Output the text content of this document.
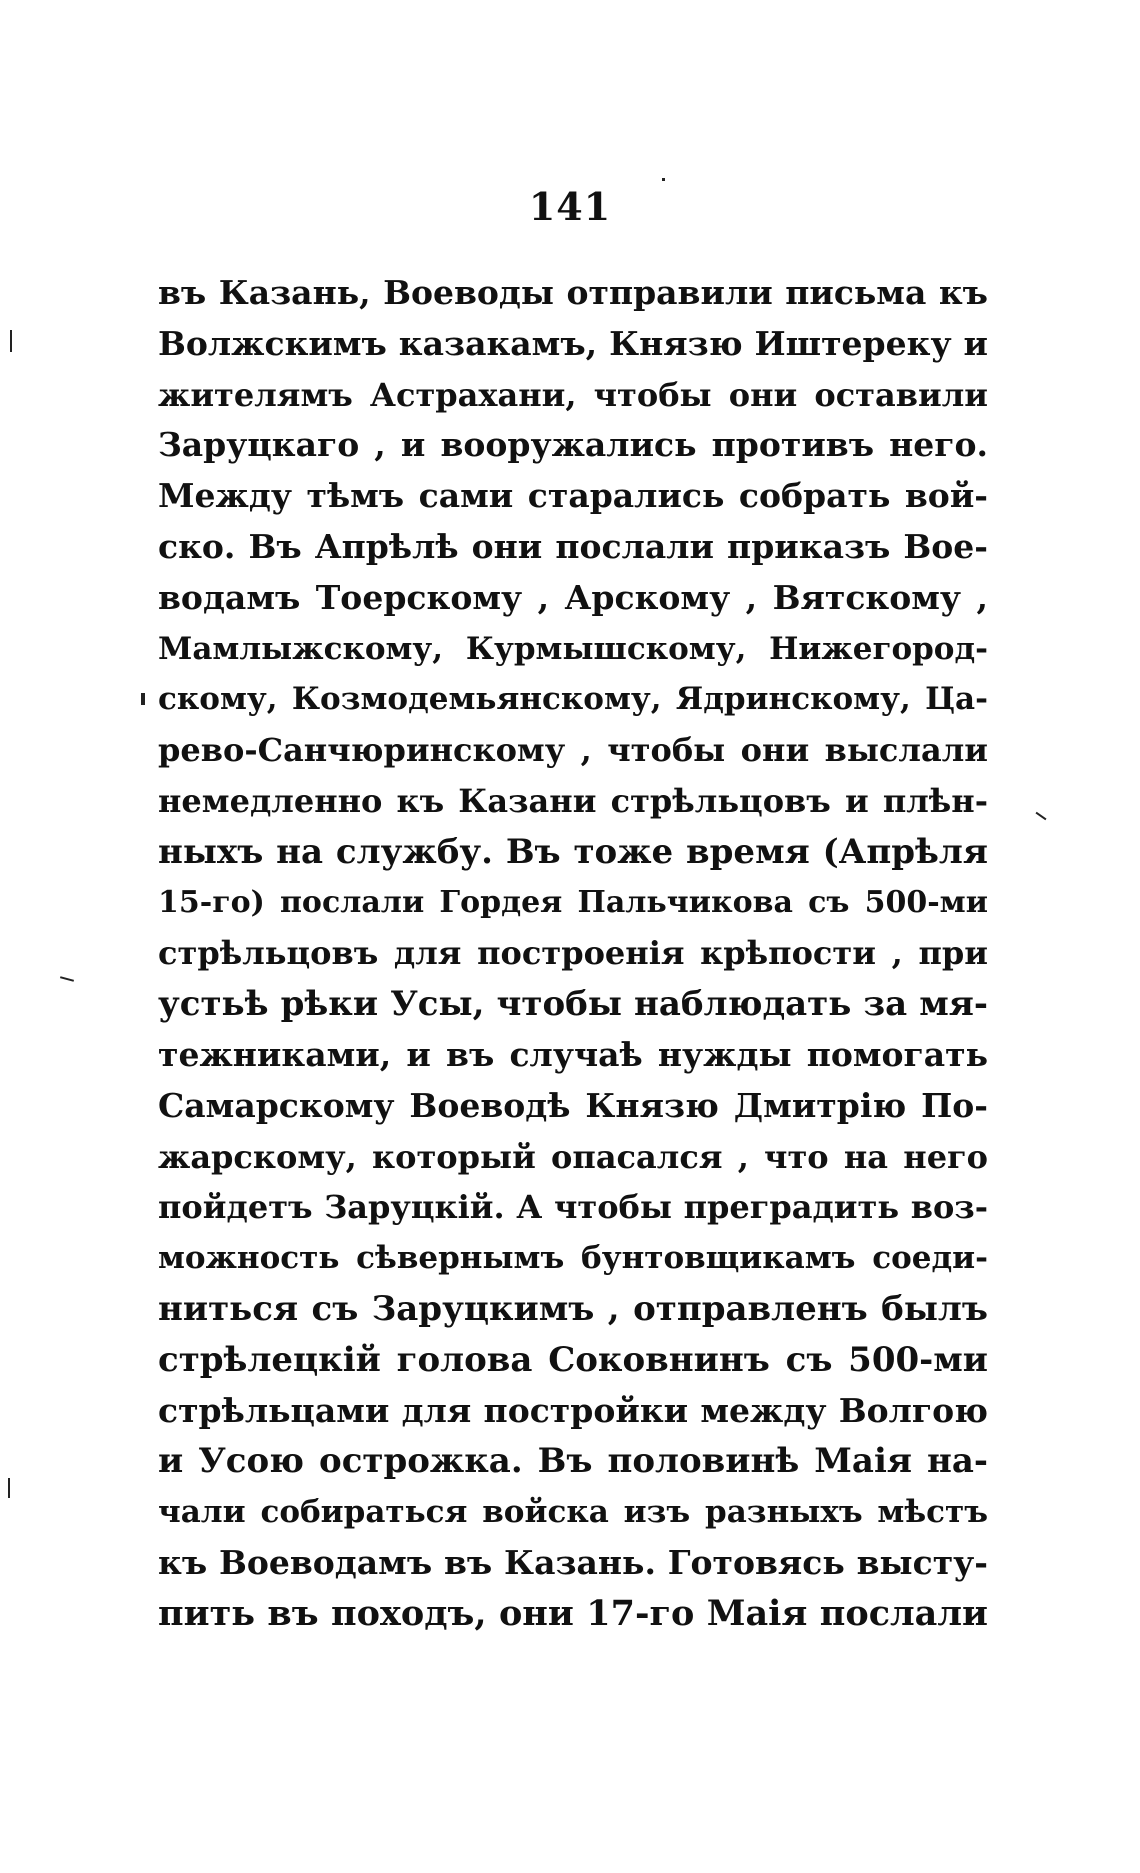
141
въ Казань, Воеводы отправили письма къ
Волжскимъ казакамъ, Князю Иштереку и
жителямъ Астрахани, чтобы они оставили
Заруцкаго , и вооружались противъ него.
Между тѣмъ сами старались собрать вой-
ско. Въ Апрѣлѣ они послали приказъ Вое-
водамъ Тоерскому , Арскому , Вятскому ,
Мамлыжскому, Курмышскому, Нижегород-
скому, Козмодемьянскому, Ядринскому, Ца-
рево-Санчюринскому , чтобы они выслали
немедленно къ Казани стрѣльцовъ и плѣн-
ныхъ на службу. Въ тоже время (Апрѣля
15-го) послали Гордея Пальчикова съ 500-ми
стрѣльцовъ для построенія крѣпости , при
устьѣ рѣки Усы, чтобы наблюдать за мя-
тежниками, и въ случаѣ нужды помогать
Самарскому Воеводѣ Князю Дмитрію По-
жарскому, который опасался , что на него
пойдетъ Заруцкій. А чтобы преградить воз-
можность сѣвернымъ бунтовщикамъ соеди-
ниться съ Заруцкимъ , отправленъ былъ
стрѣлецкій голова Соковнинъ съ 500-ми
стрѣльцами для постройки между Волгою
и Усою острожка. Въ половинѣ Маія на-
чали собираться войска изъ разныхъ мѣстъ
къ Воеводамъ въ Казань. Готовясь высту-
пить въ походъ, они 17-го Маія послали
